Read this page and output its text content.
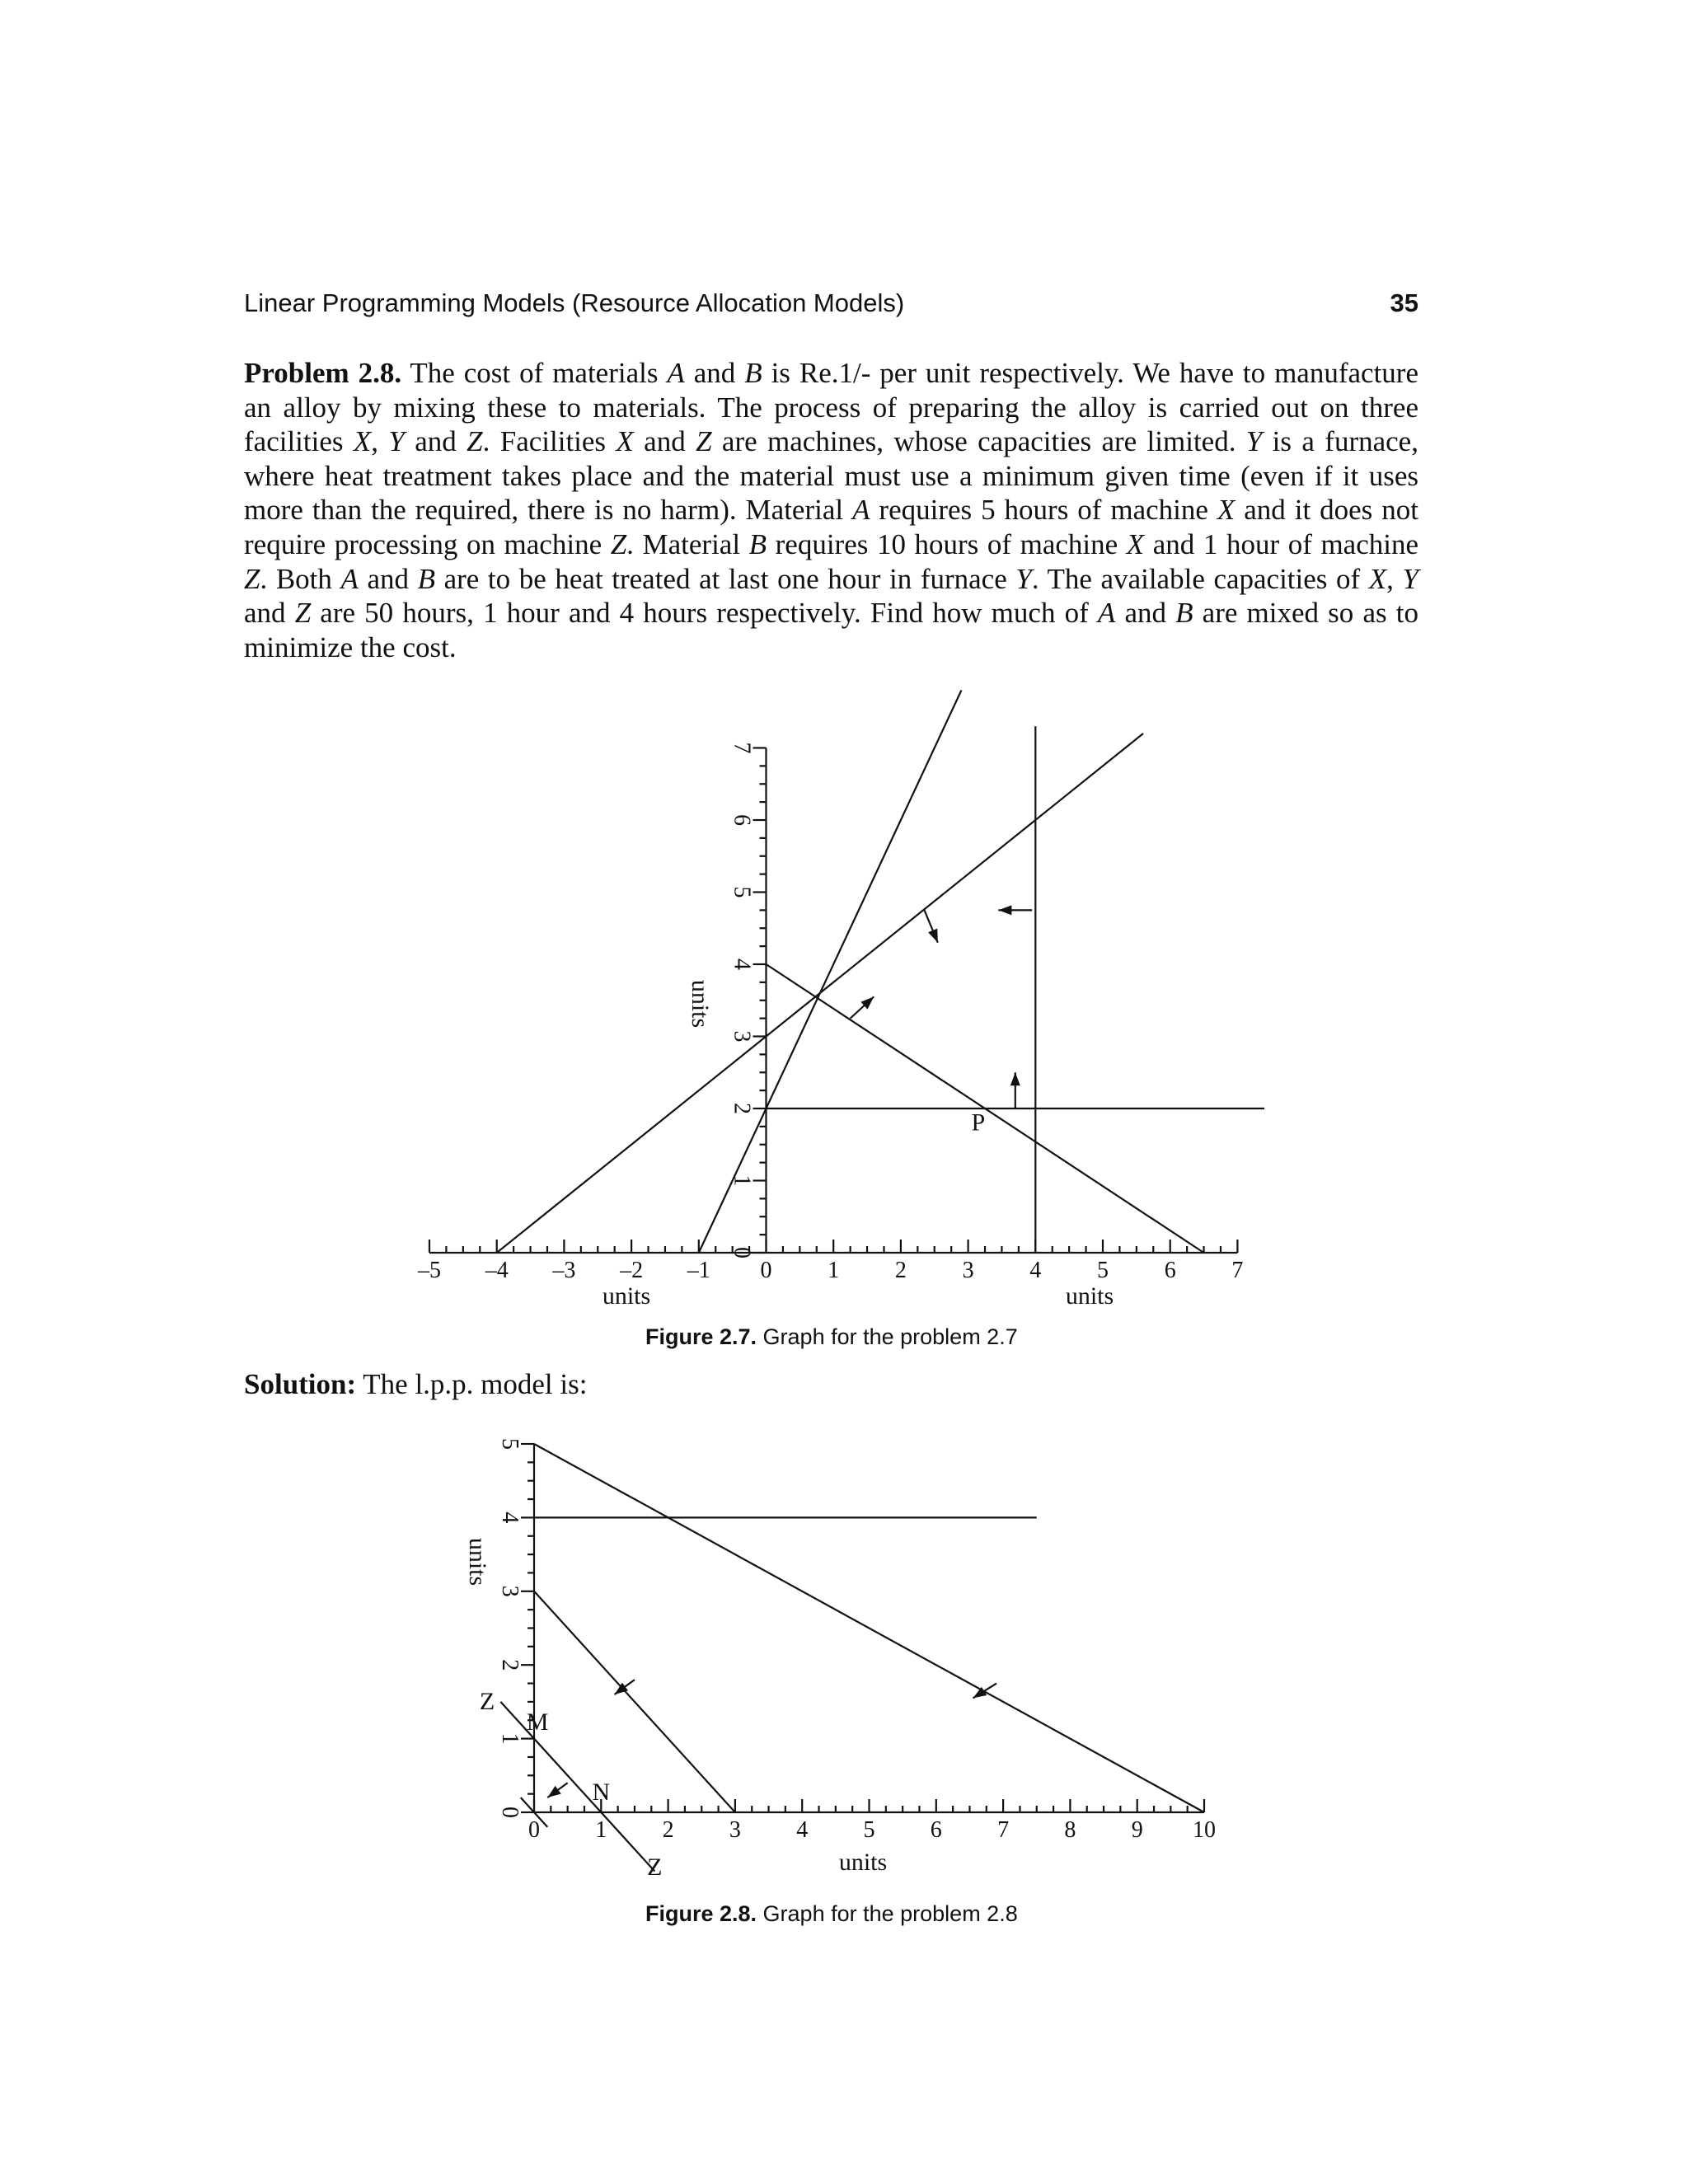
Linear Programming Models (Resource Allocation Models)	35

Problem 2.8. The cost of materials A and B is Re.1/- per unit respectively. We have to manufacture an alloy by mixing these to materials. The process of preparing the alloy is carried out on three facilities X, Y and Z. Facilities X and Z are machines, whose capacities are limited. Y is a furnace, where heat treatment takes place and the material must use a minimum given time (even if it uses more than the required, there is no harm). Material A requires 5 hours of machine X and it does not require processing on machine Z. Material B requires 10 hours of machine X and 1 hour of machine Z. Both A and B are to be heat treated at last one hour in furnace Y. The available capacities of X, Y and Z are 50 hours, 1 hour and 4 hours respectively. Find how much of A and B are mixed so as to minimize the cost.

–5 –4 –3 –2 –1 0 1 2 3 4 5 6 7
0
1
2
3
4
5
6
7
units	units
units
P
0 1 2 3 4 5 6 7 8 9 10
0
1
2
3
4
5
units
units
Z
M
N
Z
Figure 2.7. Graph for the problem 2.7

Solution: The l.p.p. model is:

Figure 2.8. Graph for the problem 2.8
